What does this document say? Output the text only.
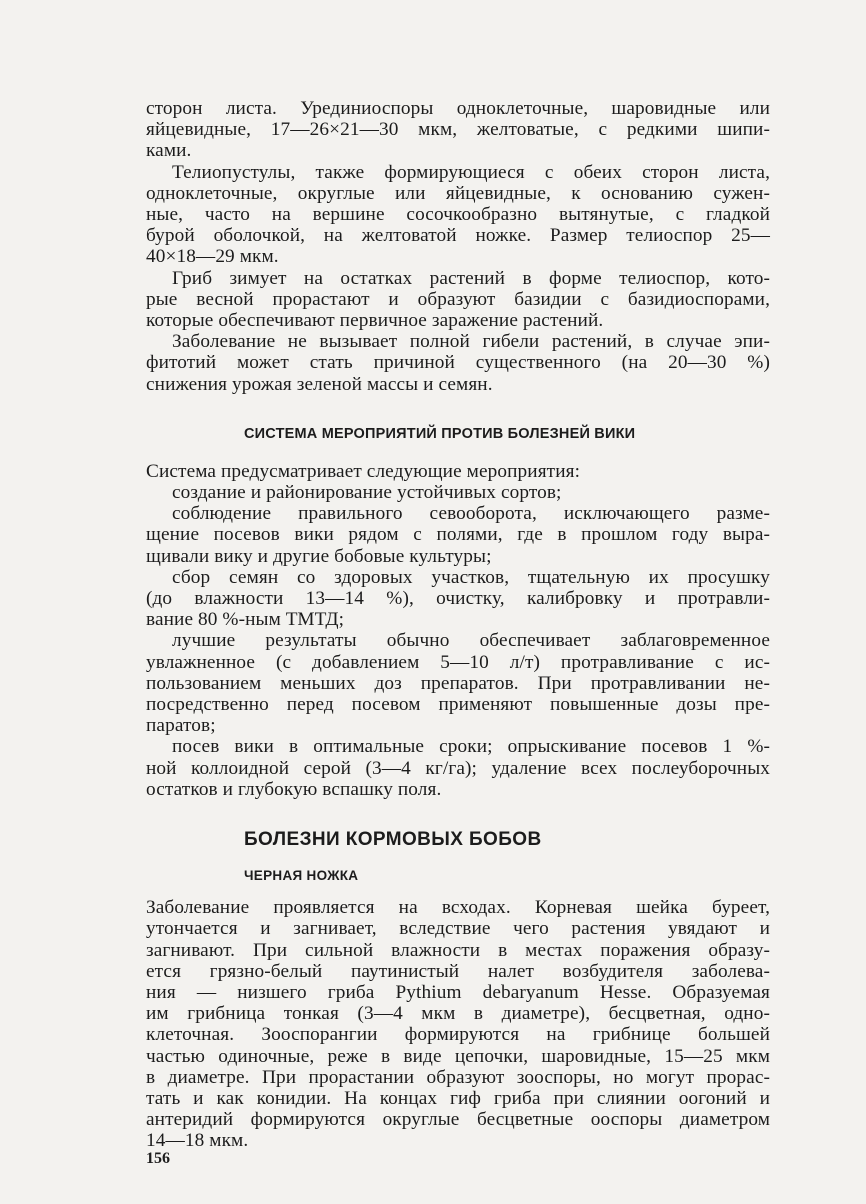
сторон листа. Урединиоспоры одноклеточные, шаровидные или
яйцевидные, 17—26×21—30 мкм, желтоватые, с редкими шипи-
ками.
Телиопустулы, также формирующиеся с обеих сторон листа,
одноклеточные, округлые или яйцевидные, к основанию сужен-
ные, часто на вершине сосочкообразно вытянутые, с гладкой
бурой оболочкой, на желтоватой ножке. Размер телиоспор 25—
40×18—29 мкм.
Гриб зимует на остатках растений в форме телиоспор, кото-
рые весной прорастают и образуют базидии с базидиоспорами,
которые обеспечивают первичное заражение растений.
Заболевание не вызывает полной гибели растений, в случае эпи-
фитотий может стать причиной существенного (на 20—30 %)
снижения урожая зеленой массы и семян.
СИСТЕМА МЕРОПРИЯТИЙ ПРОТИВ БОЛЕЗНЕЙ ВИКИ
Система предусматривает следующие мероприятия:
создание и районирование устойчивых сортов;
соблюдение правильного севооборота, исключающего разме-
щение посевов вики рядом с полями, где в прошлом году выра-
щивали вику и другие бобовые культуры;
сбор семян со здоровых участков, тщательную их просушку
(до влажности 13—14 %), очистку, калибровку и протравли-
вание 80 %-ным ТМТД;
лучшие результаты обычно обеспечивает заблаговременное
увлажненное (с добавлением 5—10 л/т) протравливание с ис-
пользованием меньших доз препаратов. При протравливании не-
посредственно перед посевом применяют повышенные дозы пре-
паратов;
посев вики в оптимальные сроки; опрыскивание посевов 1 %-
ной коллоидной серой (3—4 кг/га); удаление всех послеуборочных
остатков и глубокую вспашку поля.
БОЛЕЗНИ КОРМОВЫХ БОБОВ
ЧЕРНАЯ НОЖКА
Заболевание проявляется на всходах. Корневая шейка буреет,
утончается и загнивает, вследствие чего растения увядают и
загнивают. При сильной влажности в местах поражения образу-
ется грязно-белый паутинистый налет возбудителя заболева-
ния — низшего гриба Pythium debaryanum Hesse. Образуемая
им грибница тонкая (3—4 мкм в диаметре), бесцветная, одно-
клеточная. Зооспорангии формируются на грибнице большей
частью одиночные, реже в виде цепочки, шаровидные, 15—25 мкм
в диаметре. При прорастании образуют зооспоры, но могут прорас-
тать и как конидии. На концах гиф гриба при слиянии оогоний и
антеридий формируются округлые бесцветные ооспоры диаметром
14—18 мкм.
156
